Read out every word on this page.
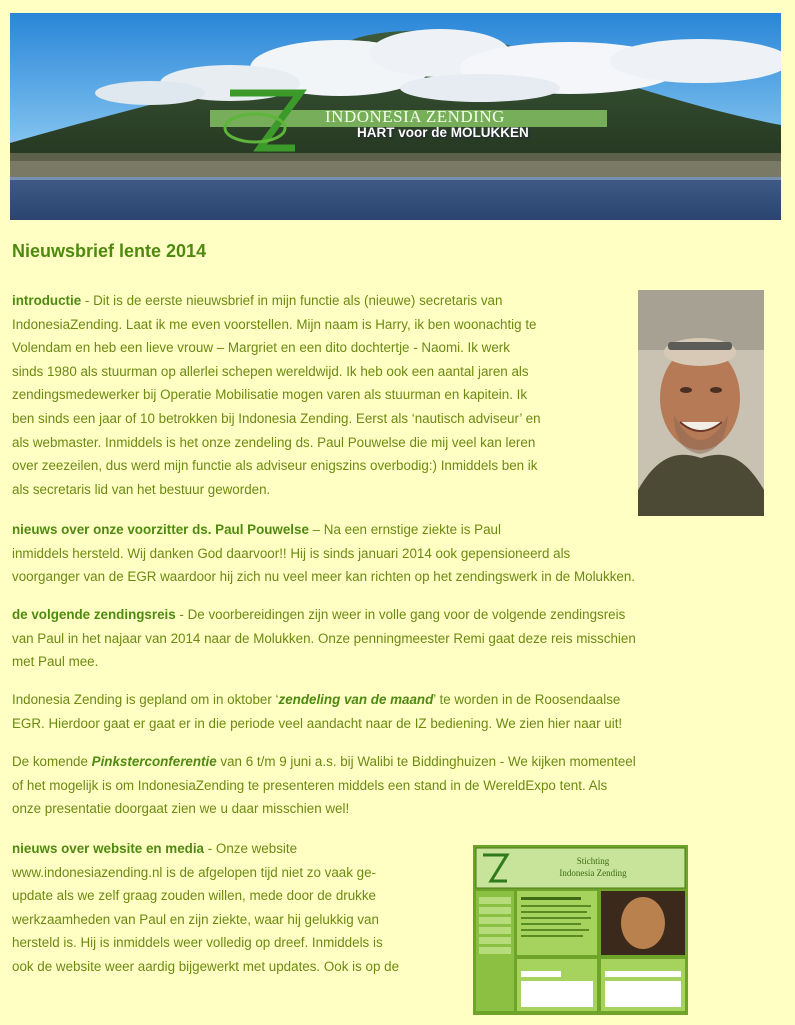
INDONESIA ZENDING
HART voor de MOLUKKEN
Nieuwsbrief lente 2014
introductie - Dit is de eerste nieuwsbrief in mijn functie als (nieuwe) secretaris van
IndonesiaZending. Laat ik me even voorstellen. Mijn naam is Harry, ik ben woonachtig te
Volendam en heb een lieve vrouw – Margriet en een dito dochtertje - Naomi. Ik werk
sinds 1980 als stuurman op allerlei schepen wereldwijd. Ik heb ook een aantal jaren als
zendingsmedewerker bij Operatie Mobilisatie mogen varen als stuurman en kapitein. Ik
ben sinds een jaar of 10 betrokken bij Indonesia Zending. Eerst als ‘nautisch adviseur’ en
als webmaster. Inmiddels is het onze zendeling ds. Paul Pouwelse die mij veel kan leren
over zeezeilen, dus werd mijn functie als adviseur enigszins overbodig:) Inmiddels ben ik
als secretaris lid van het bestuur geworden.
nieuws over onze voorzitter ds. Paul Pouwelse – Na een ernstige ziekte is Paul
inmiddels hersteld. Wij danken God daarvoor!! Hij is sinds januari 2014 ook gepensioneerd als
voorganger van de EGR waardoor hij zich nu veel meer kan richten op het zendingswerk in de Molukken.
de volgende zendingsreis - De voorbereidingen zijn weer in volle gang voor de volgende zendingsreis
van Paul in het najaar van 2014 naar de Molukken. Onze penningmeester Remi gaat deze reis misschien
met Paul mee.
Indonesia Zending is gepland om in oktober ‘zendeling van de maand’ te worden in de Roosendaalse
EGR. Hierdoor gaat er gaat er in die periode veel aandacht naar de IZ bediening. We zien hier naar uit!
De komende Pinksterconferentie van 6 t/m 9 juni a.s. bij Walibi te Biddinghuizen - We kijken momenteel
of het mogelijk is om IndonesiaZending te presenteren middels een stand in de WereldExpo tent. Als
onze presentatie doorgaat zien we u daar misschien wel!
nieuws over website en media - Onze website
www.indonesiazending.nl is de afgelopen tijd niet zo vaak ge-
update als we zelf graag zouden willen, mede door de drukke
werkzaamheden van Paul en zijn ziekte, waar hij gelukkig van
hersteld is. Hij is inmiddels weer volledig op dreef. Inmiddels is
ook de website weer aardig bijgewerkt met updates. Ook is op de
Stichting
Indonesia Zending
